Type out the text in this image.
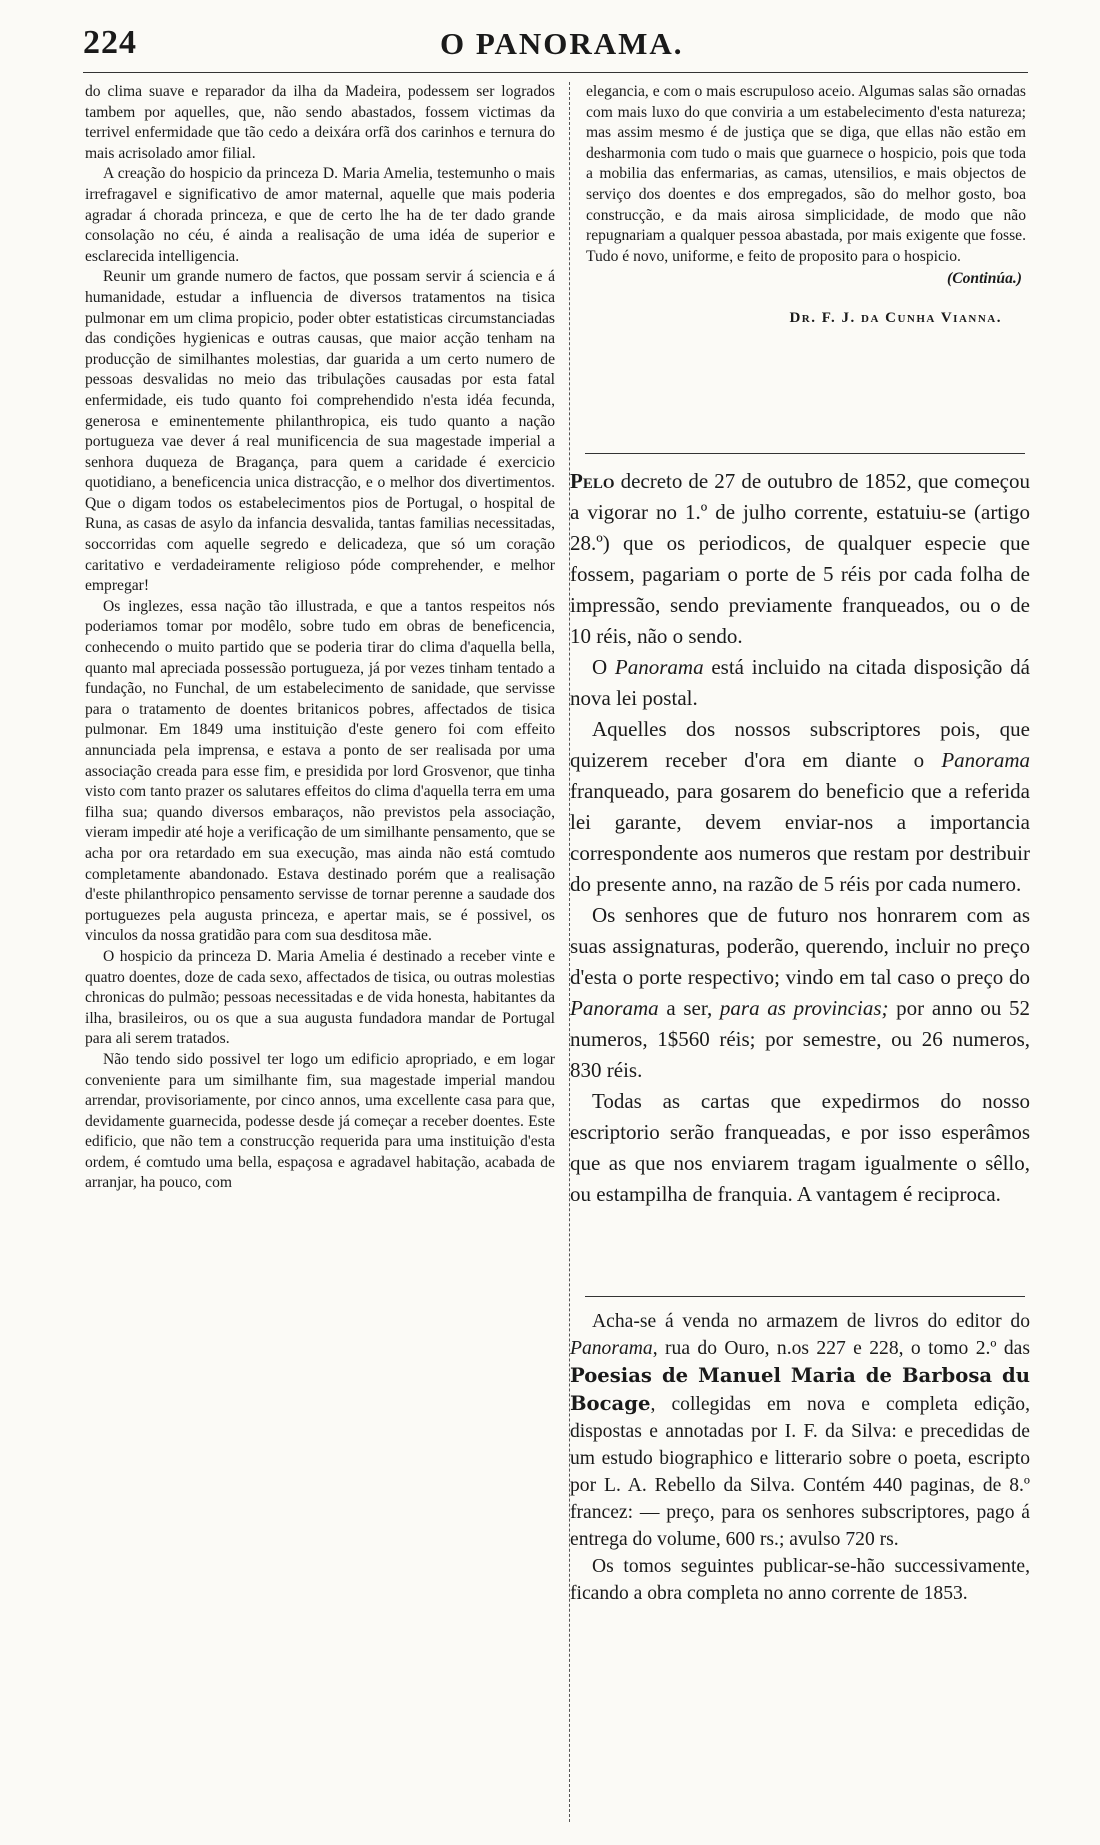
224	O PANORAMA.

do clima suave e reparador da ilha da Madeira, podessem ser logrados tambem por aquelles, que, não sendo abastados, fossem victimas da terrivel enfermidade que tão cedo a deixára orfã dos carinhos e ternura do mais acrisolado amor filial.

A creação do hospicio da princeza D. Maria Amelia, testemunho o mais irrefragavel e significativo de amor maternal, aquelle que mais poderia agradar á chorada princeza, e que de certo lhe ha de ter dado grande consolação no céu, é ainda a realisação de uma idéa de superior e esclarecida intelligencia.

Reunir um grande numero de factos, que possam servir á sciencia e á humanidade, estudar a influencia de diversos tratamentos na tisica pulmonar em um clima propicio, poder obter estatisticas circumstanciadas das condições hygienicas e outras causas, que maior acção tenham na producção de similhantes molestias, dar guarida a um certo numero de pessoas desvalidas no meio das tribulações causadas por esta fatal enfermidade, eis tudo quanto foi comprehendido n'esta idéa fecunda, generosa e eminentemente philanthropica, eis tudo quanto a nação portugueza vae dever á real munificencia de sua magestade imperial a senhora duqueza de Bragança, para quem a caridade é exercicio quotidiano, a beneficencia unica distracção, e o melhor dos divertimentos. Que o digam todos os estabelecimentos pios de Portugal, o hospital de Runa, as casas de asylo da infancia desvalida, tantas familias necessitadas, soccorridas com aquelle segredo e delicadeza, que só um coração caritativo e verdadeiramente religioso póde comprehender, e melhor empregar!

Os inglezes, essa nação tão illustrada, e que a tantos respeitos nós poderiamos tomar por modêlo, sobre tudo em obras de beneficencia, conhecendo o muito partido que se poderia tirar do clima d'aquella bella, quanto mal apreciada possessão portugueza, já por vezes tinham tentado a fundação, no Funchal, de um estabelecimento de sanidade, que servisse para o tratamento de doentes britanicos pobres, affectados de tisica pulmonar. Em 1849 uma instituição d'este genero foi com effeito annunciada pela imprensa, e estava a ponto de ser realisada por uma associação creada para esse fim, e presidida por lord Grosvenor, que tinha visto com tanto prazer os salutares effeitos do clima d'aquella terra em uma filha sua; quando diversos embaraços, não previstos pela associação, vieram impedir até hoje a verificação de um similhante pensamento, que se acha por ora retardado em sua execução, mas ainda não está comtudo completamente abandonado. Estava destinado porém que a realisação d'este philanthropico pensamento servisse de tornar perenne a saudade dos portuguezes pela augusta princeza, e apertar mais, se é possivel, os vinculos da nossa gratidão para com sua desditosa mãe.

O hospicio da princeza D. Maria Amelia é destinado a receber vinte e quatro doentes, doze de cada sexo, affectados de tisica, ou outras molestias chronicas do pulmão; pessoas necessitadas e de vida honesta, habitantes da ilha, brasileiros, ou os que a sua augusta fundadora mandar de Portugal para ali serem tratados.

Não tendo sido possivel ter logo um edificio apropriado, e em logar conveniente para um similhante fim, sua magestade imperial mandou arrendar, provisoriamente, por cinco annos, uma excellente casa para que, devidamente guarnecida, podesse desde já começar a receber doentes. Este edificio, que não tem a construcção requerida para uma instituição d'esta ordem, é comtudo uma bella, espaçosa e agradavel habitação, acabada de arranjar, ha pouco, com

elegancia, e com o mais escrupuloso aceio. Algumas salas são ornadas com mais luxo do que conviria a um estabelecimento d'esta natureza; mas assim mesmo é de justiça que se diga, que ellas não estão em desharmonia com tudo o mais que guarnece o hospicio, pois que toda a mobilia das enfermarias, as camas, utensilios, e mais objectos de serviço dos doentes e dos empregados, são do melhor gosto, boa construcção, e da mais airosa simplicidade, de modo que não repugnariam a qualquer pessoa abastada, por mais exigente que fosse. Tudo é novo, uniforme, e feito de proposito para o hospicio.

(Continúa.)
Dr. F. J. da Cunha Vianna.

Pelo decreto de 27 de outubro de 1852, que começou a vigorar no 1.º de julho corrente, estatuiu-se (artigo 28.º) que os periodicos, de qualquer especie que fossem, pagariam o porte de 5 réis por cada folha de impressão, sendo previamente franqueados, ou o de 10 réis, não o sendo.

O Panorama está incluido na citada disposição dá nova lei postal.

Aquelles dos nossos subscriptores pois, que quizerem receber d'ora em diante o Panorama franqueado, para gosarem do beneficio que a referida lei garante, devem enviar-nos a importancia correspondente aos numeros que restam por destribuir do presente anno, na razão de 5 réis por cada numero.

Os senhores que de futuro nos honrarem com as suas assignaturas, poderão, querendo, incluir no preço d'esta o porte respectivo; vindo em tal caso o preço do Panorama a ser, para as provincias; por anno ou 52 numeros, 1$560 réis; por semestre, ou 26 numeros, 830 réis.

Todas as cartas que expedirmos do nosso escriptorio serão franqueadas, e por isso esperâmos que as que nos enviarem tragam igualmente o sêllo, ou estampilha de franquia. A vantagem é reciproca.

Acha-se á venda no armazem de livros do editor do Panorama, rua do Ouro, n.os 227 e 228, o tomo 2.º das Poesias de Manuel Maria de Barbosa du Bocage, collegidas em nova e completa edição, dispostas e annotadas por I. F. da Silva: e precedidas de um estudo biographico e litterario sobre o poeta, escripto por L. A. Rebello da Silva. Contém 440 paginas, de 8.º francez: — preço, para os senhores subscriptores, pago á entrega do volume, 600 rs.; avulso 720 rs.

Os tomos seguintes publicar-se-hão successivamente, ficando a obra completa no anno corrente de 1853.
